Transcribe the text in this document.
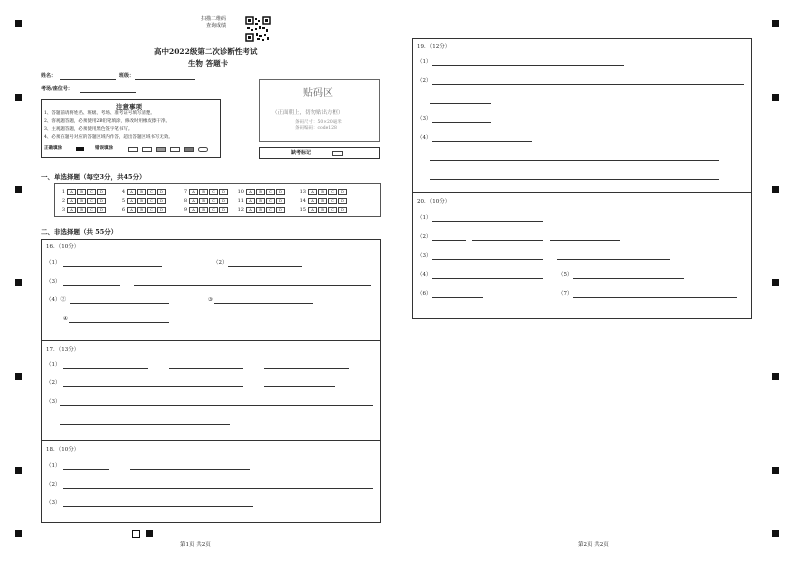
扫描二维码
查询成绩
高中2022级第二次诊断性考试
生物 答题卡
姓名：	班级：
考场/座位号：
注意事项
1、答题前请将姓名、班级、考场、准考证号填写清楚。
2、客观题答题，必须使用2B铅笔填涂，修改时用橡皮擦干净。
3、主观题答题，必须使用黑色签字笔书写。
4、必须在题号对应的答题区域内作答，超出答题区域书写无效。
正确填涂	错误填涂
贴码区
（正面朝上，切勿贴出方框）
条码尺寸：50×20毫米
条码编码：code128
缺考标记
一、单选择题（每空3分，共45分）
1 A B C D
2 A B C D
3 A B C D
4 A B C D
5 A B C D
6 A B C D
7 A B C D
8 A B C D
9 A B C D
10 A B C D
11 A B C D
12 A B C D
13 A B C D
14 A B C D
15 A B C D
二、非选择题（共 55分）
16．（10分）
（1）	（2）
（3）
（4）②	③
④
17．（13分）
（1）
（2）
（3）
18．（10分）
（1）
（2）
（3）
19．（12分）
（1）
（2）
（3）
（4）
20．（10分）
（1）
（2）
（3）
（4）	（5）
（6）	（7）
第1页 共2页	第2页 共2页
